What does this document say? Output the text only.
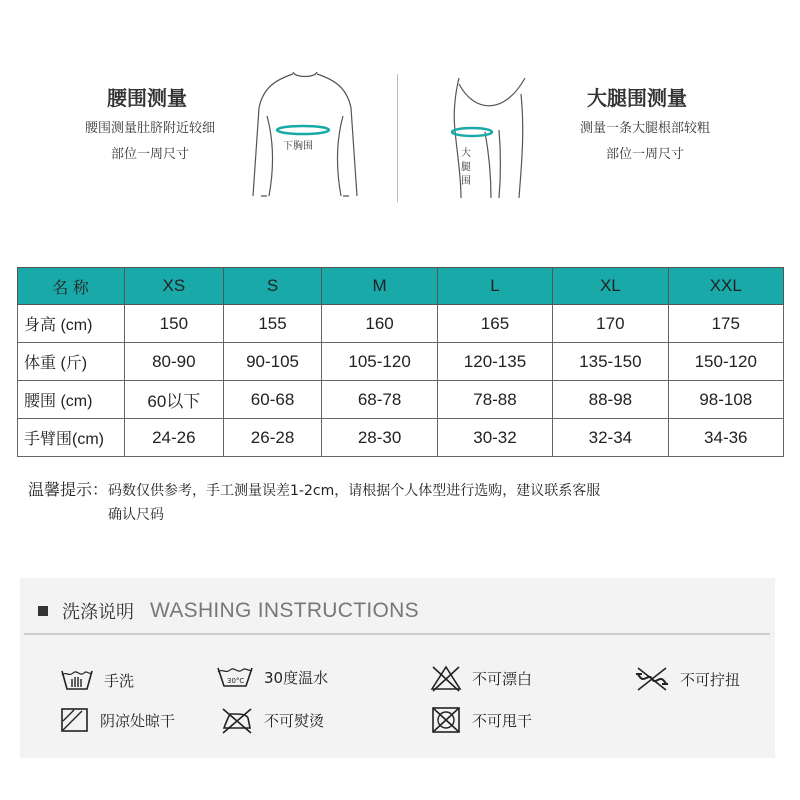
腰围测量
腰围测量肚脐附近较细
部位一周尺寸
下胸围
大
腿
围
大腿围测量
测量一条大腿根部较粗
部位一周尺寸
名 称	XS	S	M	L	XL	XXL
身高 (cm)	150	155	160	165	170	175
体重 (斤)	80-90	90-105	105-120	120-135	135-150	150-120
腰围 (cm)	60以下	60-68	68-78	78-88	88-98	98-108
手臂围(cm)	24-26	26-28	28-30	30-32	32-34	34-36
温馨提示：码数仅供参考，手工测量误差1-2cm，请根据个人体型进行选购，建议联系客服
确认尺码
洗涤说明 WASHING INSTRUCTIONS
手洗	30°C 30度温水	不可漂白	不可拧扭
阴凉处晾干	不可熨烫	不可甩干
